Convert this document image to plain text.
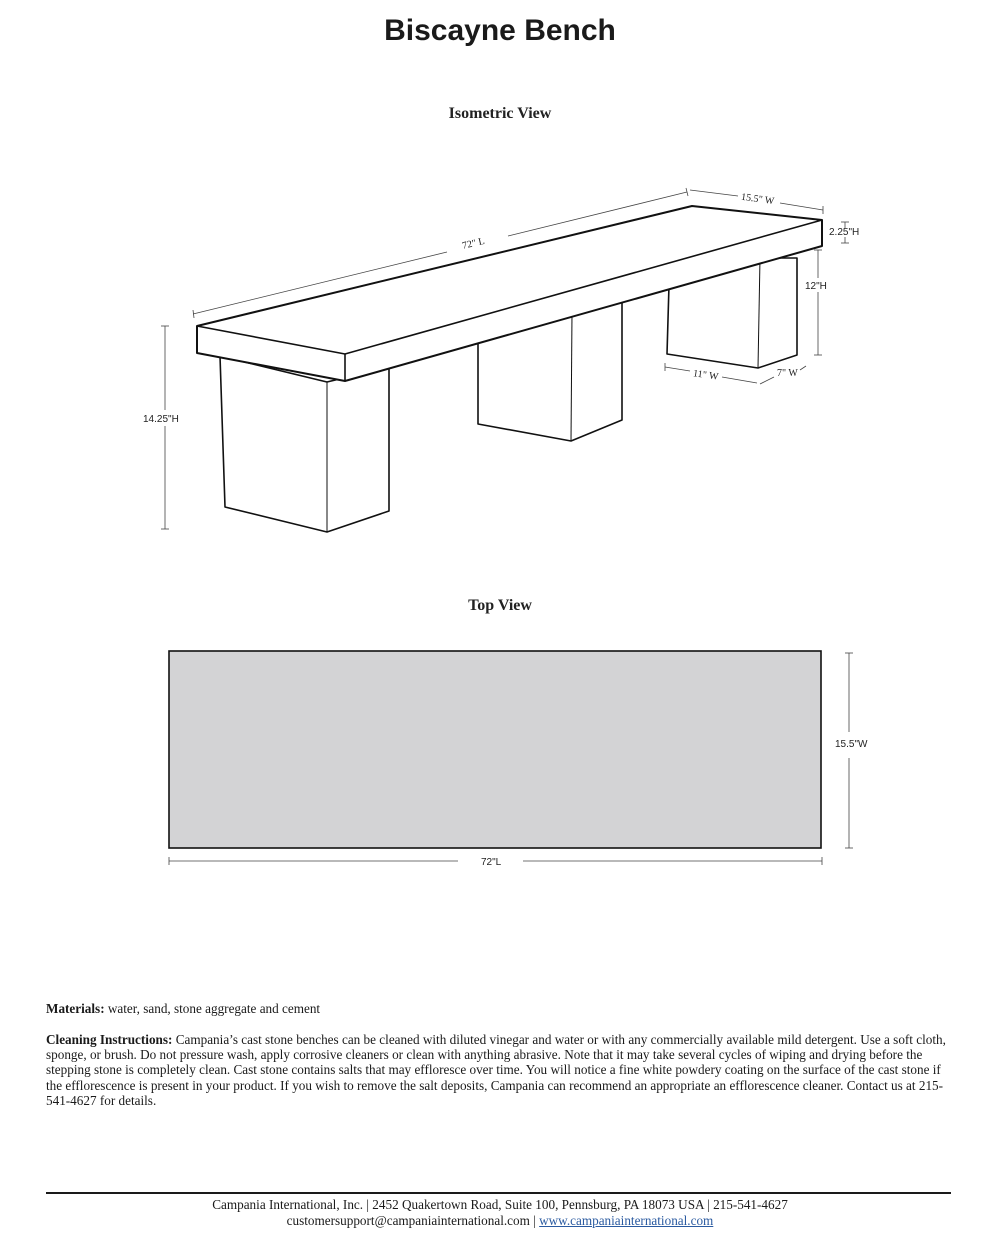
Biscayne Bench
Isometric View
72" L
15.5" W
2.25"H
12"H
14.25"H
11" W	7" W
15.5"W
72"L
Top View
Materials: water, sand, stone aggregate and cement
Cleaning Instructions: Campania’s cast stone benches can be cleaned with diluted vinegar and water or with any commercially available mild detergent. Use a soft cloth, sponge, or brush. Do not pressure wash, apply corrosive cleaners or clean with anything abrasive. Note that it may take several cycles of wiping and drying before the stepping stone is completely clean. Cast stone contains salts that may effloresce over time. You will notice a fine white powdery coating on the surface of the cast stone if the efflorescence is present in your product. If you wish to remove the salt deposits, Campania can recommend an appropriate an efflorescence cleaner. Contact us at 215-541-4627 for details.
Campania International, Inc. | 2452 Quakertown Road, Suite 100, Pennsburg, PA 18073 USA | 215-541-4627
customersupport@campaniainternational.com | www.campaniainternational.com
